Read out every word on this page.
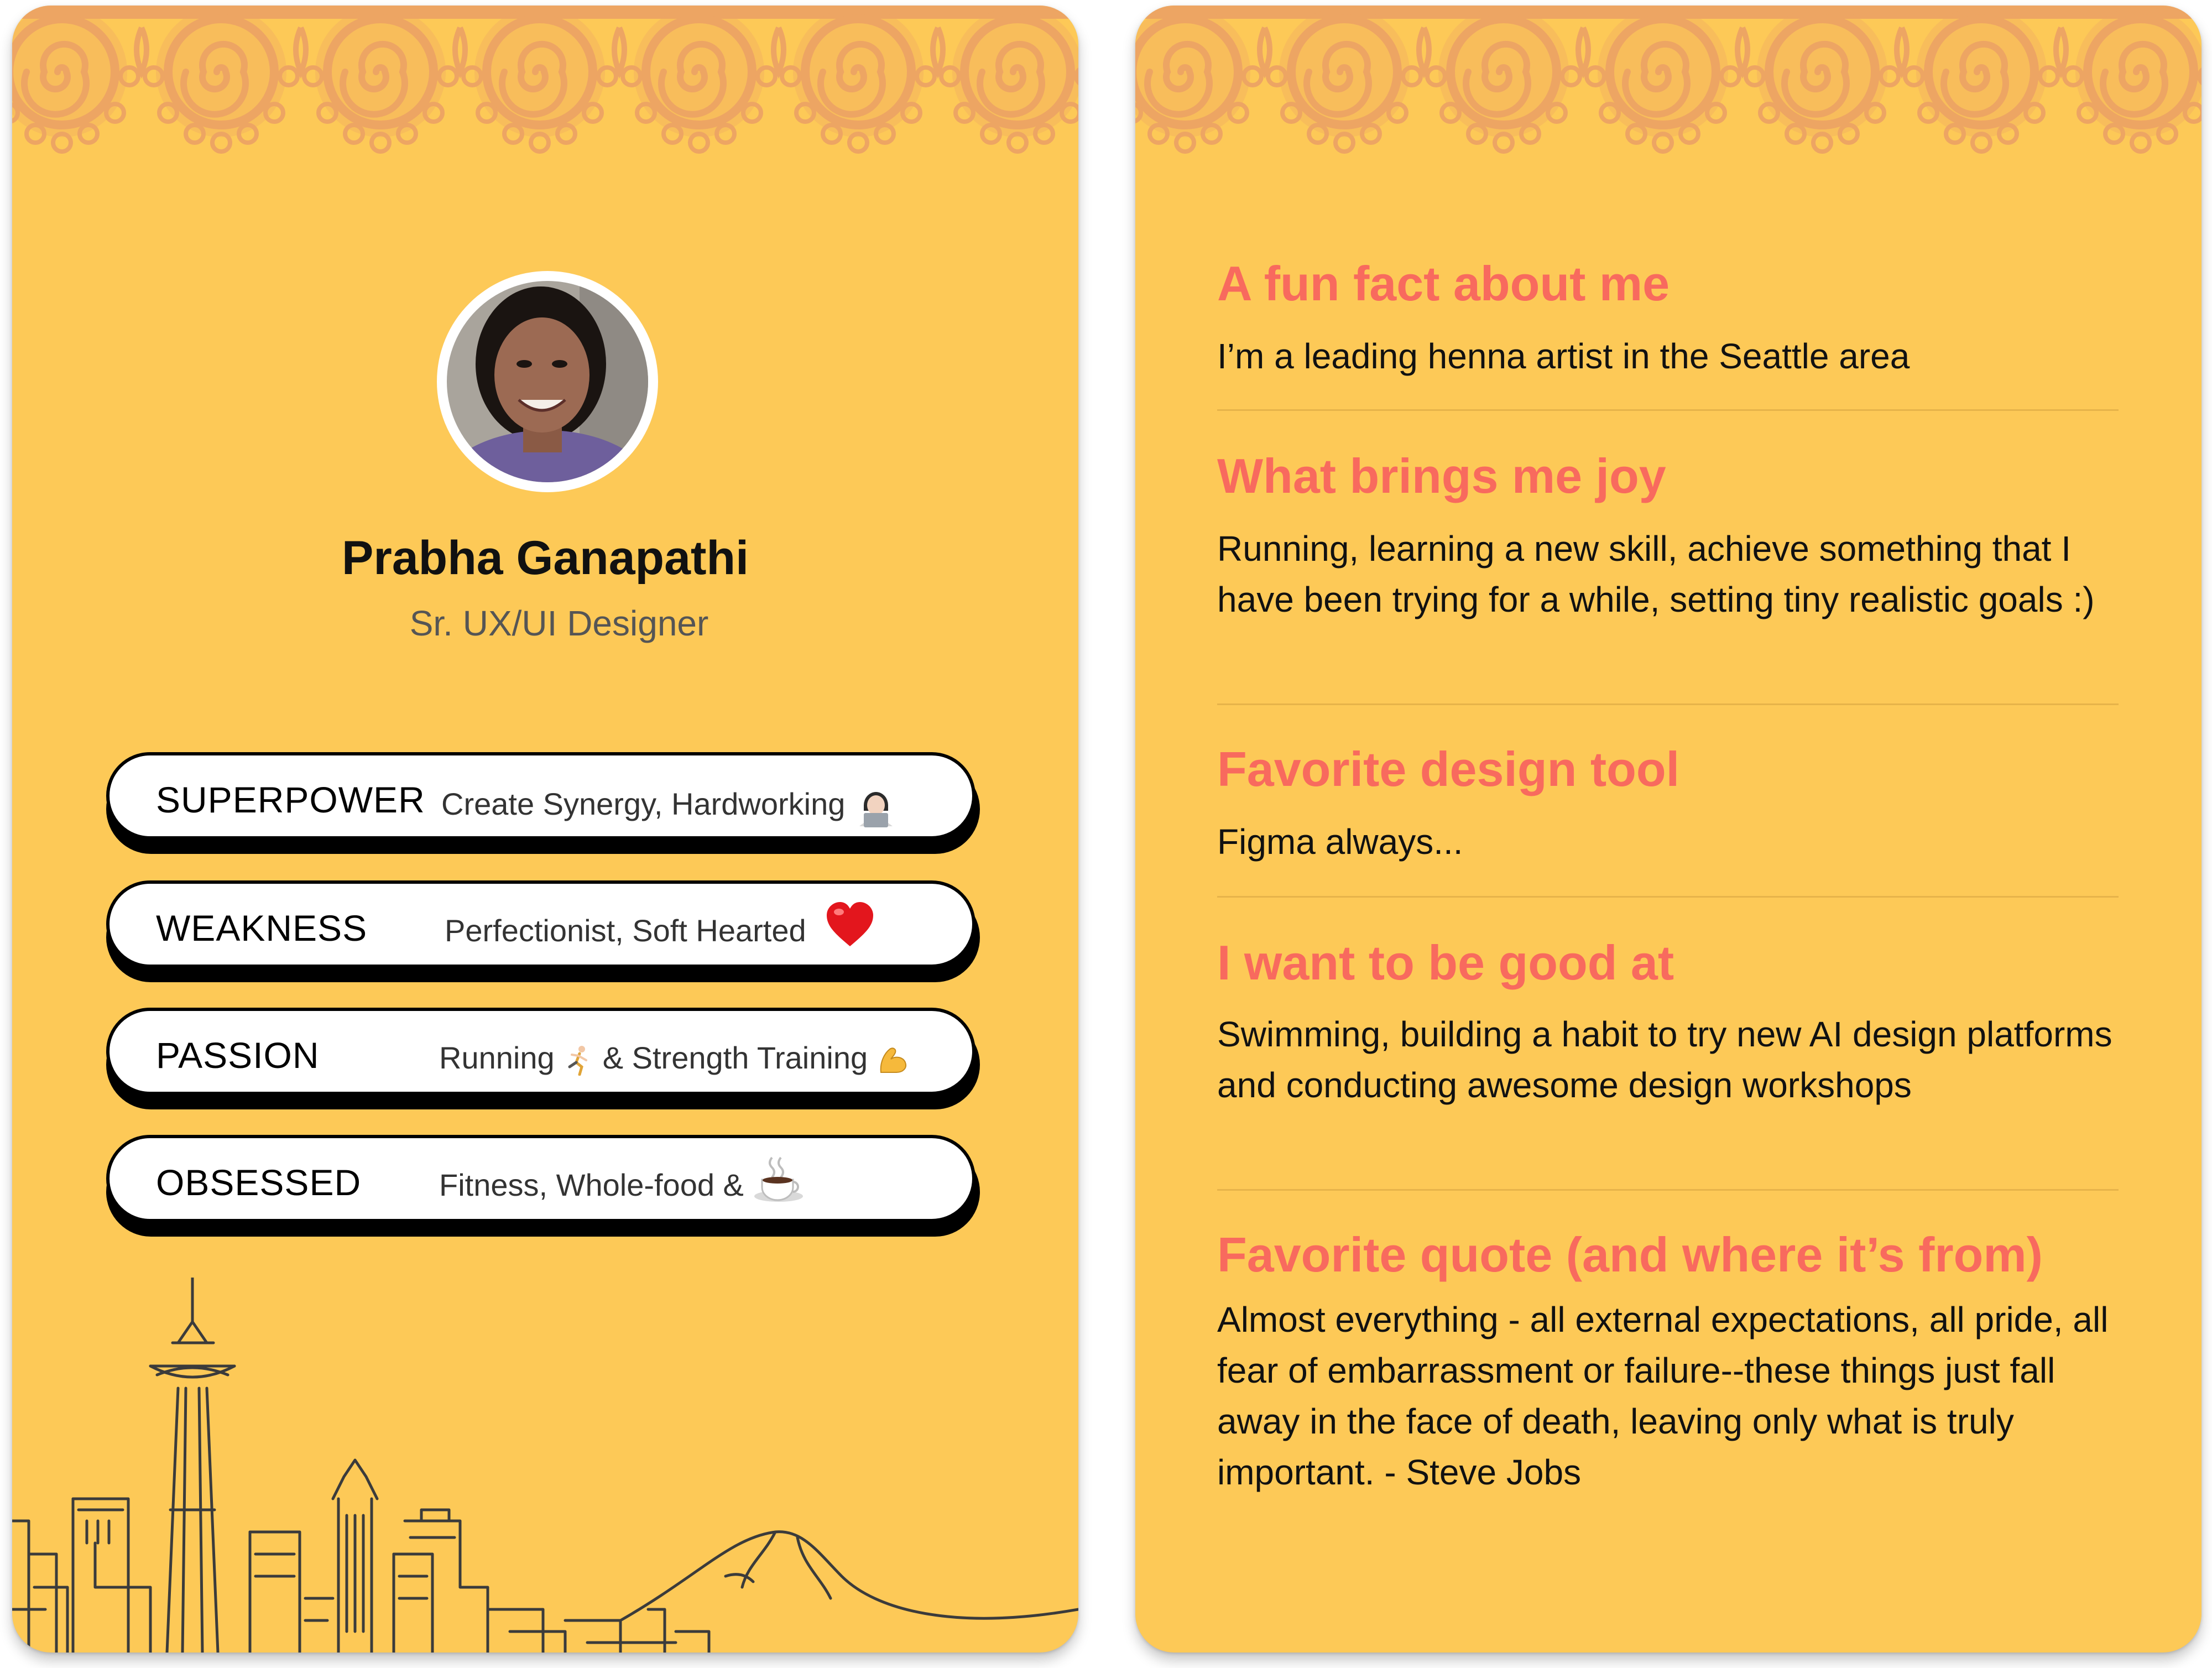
Prabha Ganapathi
Sr. UX/UI Designer
SUPERPOWER Create Synergy, Hardworking
WEAKNESS Perfectionist, Soft Hearted
PASSION	Running & Strength Training
OBSESSED	Fitness, Whole-food &
A fun fact about me
I’m a leading henna artist in the Seattle area
What brings me joy
Running, learning a new skill, achieve something that I have been trying for a while, setting tiny realistic goals :)
Favorite design tool
Figma always...
I want to be good at
Swimming, building a habit to try new AI design platforms and conducting awesome design workshops
Favorite quote (and where it’s from)
Almost everything - all external expectations, all pride, all fear of embarrassment or failure--these things just fall away in the face of death, leaving only what is truly important. - Steve Jobs
